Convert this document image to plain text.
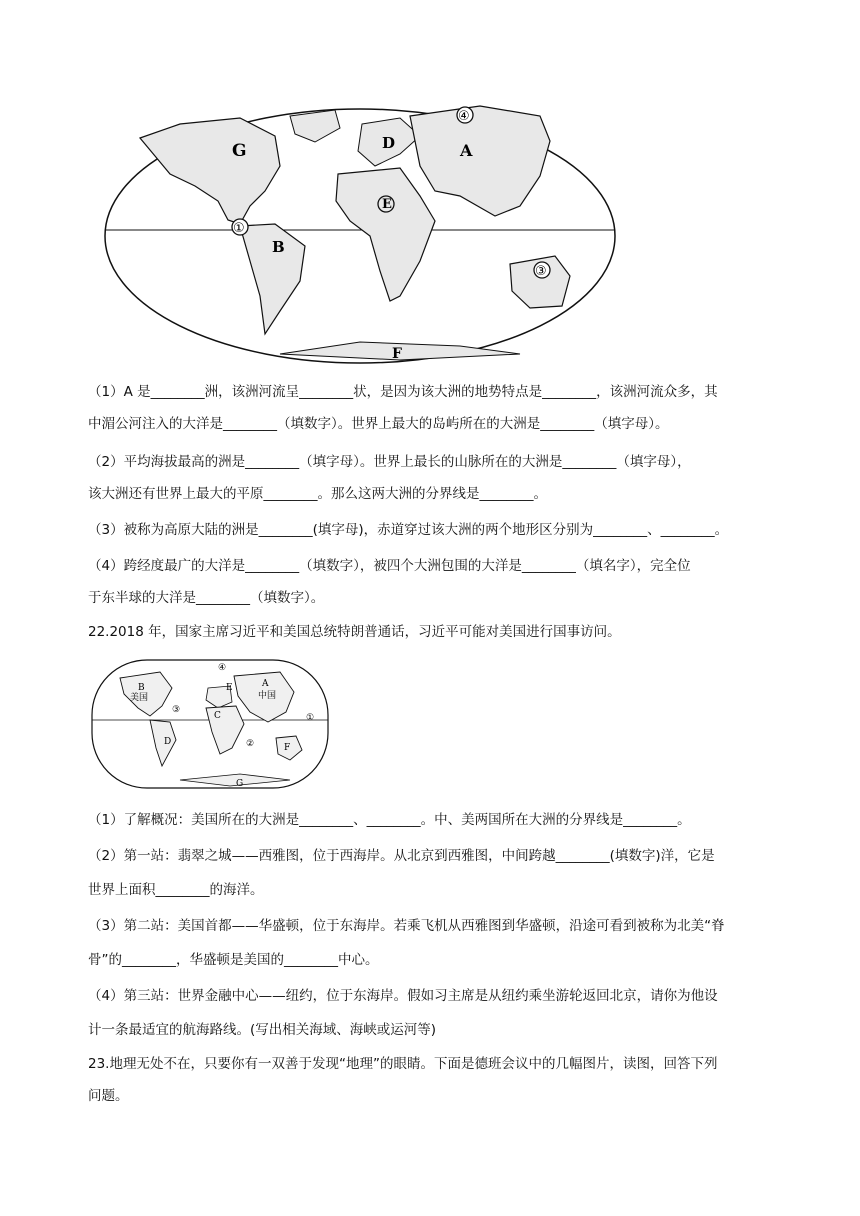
G	D	A
E
B
F
④
①
③
（1）A 是________洲，该洲河流呈________状，是因为该大洲的地势特点是________，该洲河流众多，其
中湄公河注入的大洋是________（填数字）。世界上最大的岛屿所在的大洲是________（填字母）。
（2）平均海拔最高的洲是________（填字母）。世界上最长的山脉所在的大洲是________（填字母），
该大洲还有世界上最大的平原________。那么这两大洲的分界线是________。
（3）被称为高原大陆的洲是________(填字母)，赤道穿过该大洲的两个地形区分别为________、________。
（4）跨经度最广的大洋是________（填数字），被四个大洲包围的大洋是________（填名字），完全位
于东半球的大洋是________（填数字）。
22.2018 年，国家主席习近平和美国总统特朗普通话，习近平可能对美国进行国事访问。
B
美国
E	A
中国
C
D
F
G
④
③
②
①
（1）了解概况：美国所在的大洲是________、________。中、美两国所在大洲的分界线是________。
（2）第一站：翡翠之城——西雅图，位于西海岸。从北京到西雅图，中间跨越________(填数字)洋，它是
世界上面积________的海洋。
（3）第二站：美国首都——华盛顿，位于东海岸。若乘飞机从西雅图到华盛顿，沿途可看到被称为北美“脊
骨”的________，华盛顿是美国的________中心。
（4）第三站：世界金融中心——纽约，位于东海岸。假如习主席是从纽约乘坐游轮返回北京，请你为他设
计一条最适宜的航海路线。(写出相关海域、海峡或运河等)
23.地理无处不在，只要你有一双善于发现“地理”的眼睛。下面是德班会议中的几幅图片，读图，回答下列
问题。
